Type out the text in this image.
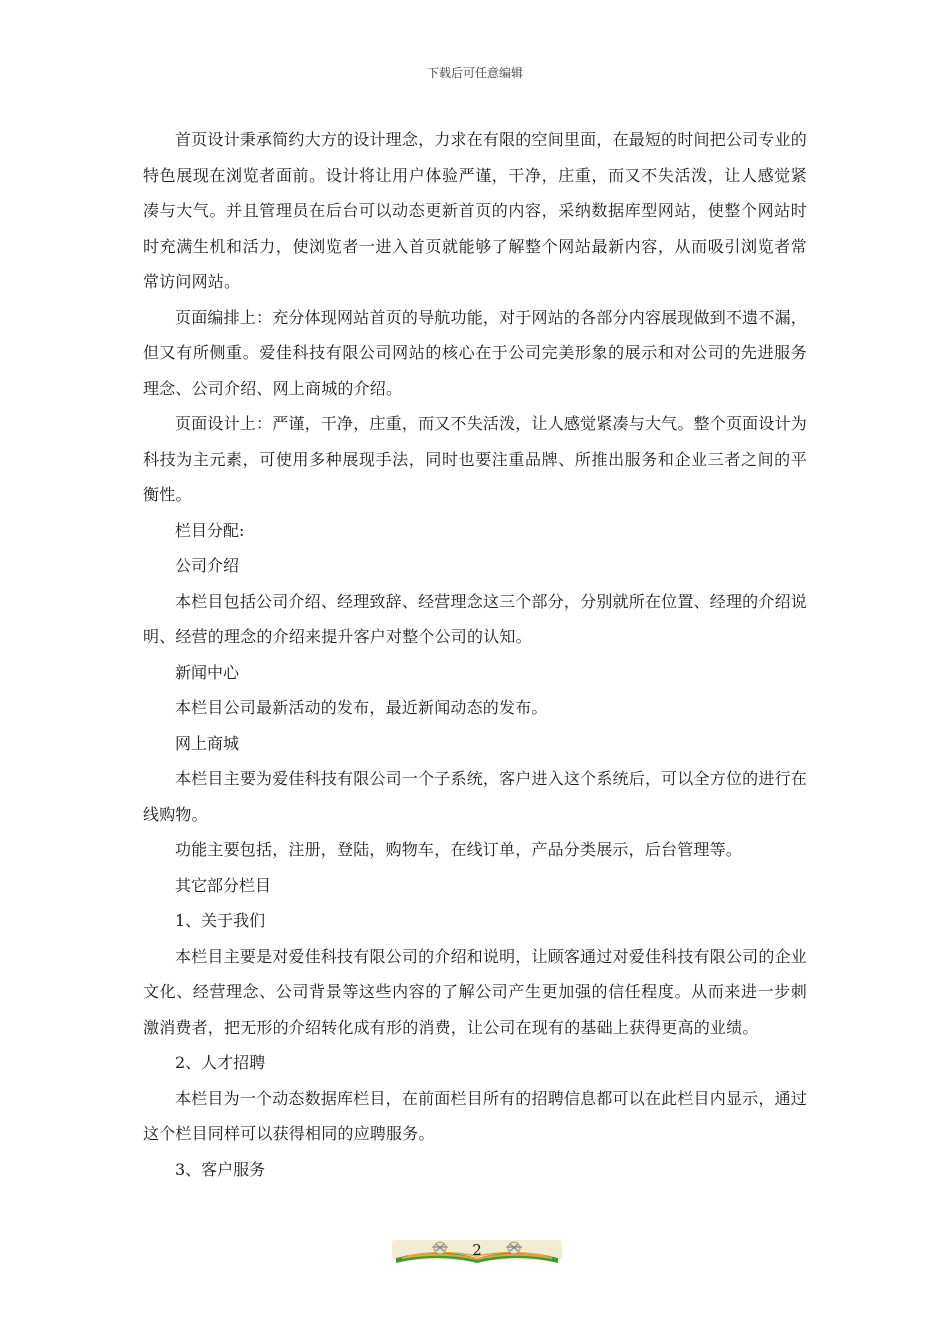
下载后可任意编辑

首页设计秉承简约大方的设计理念，力求在有限的空间里面，在最短的时间把公司专业的特色展现在浏览者面前。设计将让用户体验严谨，干净，庄重，而又不失活泼，让人感觉紧凑与大气。并且管理员在后台可以动态更新首页的内容，采纳数据库型网站，使整个网站时时充满生机和活力，使浏览者一进入首页就能够了解整个网站最新内容，从而吸引浏览者常常访问网站。

页面编排上：充分体现网站首页的导航功能，对于网站的各部分内容展现做到不遗不漏，但又有所侧重。爱佳科技有限公司网站的核心在于公司完美形象的展示和对公司的先进服务理念、公司介绍、网上商城的介绍。

页面设计上：严谨，干净，庄重，而又不失活泼，让人感觉紧凑与大气。整个页面设计为科技为主元素，可使用多种展现手法，同时也要注重品牌、所推出服务和企业三者之间的平衡性。

栏目分配:

公司介绍

本栏目包括公司介绍、经理致辞、经营理念这三个部分，分别就所在位置、经理的介绍说明、经营的理念的介绍来提升客户对整个公司的认知。

新闻中心

本栏目公司最新活动的发布，最近新闻动态的发布。

网上商城

本栏目主要为爱佳科技有限公司一个子系统，客户进入这个系统后，可以全方位的进行在线购物。

功能主要包括，注册，登陆，购物车，在线订单，产品分类展示，后台管理等。

其它部分栏目

1、关于我们

本栏目主要是对爱佳科技有限公司的介绍和说明，让顾客通过对爱佳科技有限公司的企业文化、经营理念、公司背景等这些内容的了解公司产生更加强的信任程度。从而来进一步刺激消费者，把无形的介绍转化成有形的消费，让公司在现有的基础上获得更高的业绩。

2、人才招聘

本栏目为一个动态数据库栏目，在前面栏目所有的招聘信息都可以在此栏目内显示，通过这个栏目同样可以获得相同的应聘服务。

3、客户服务

2
